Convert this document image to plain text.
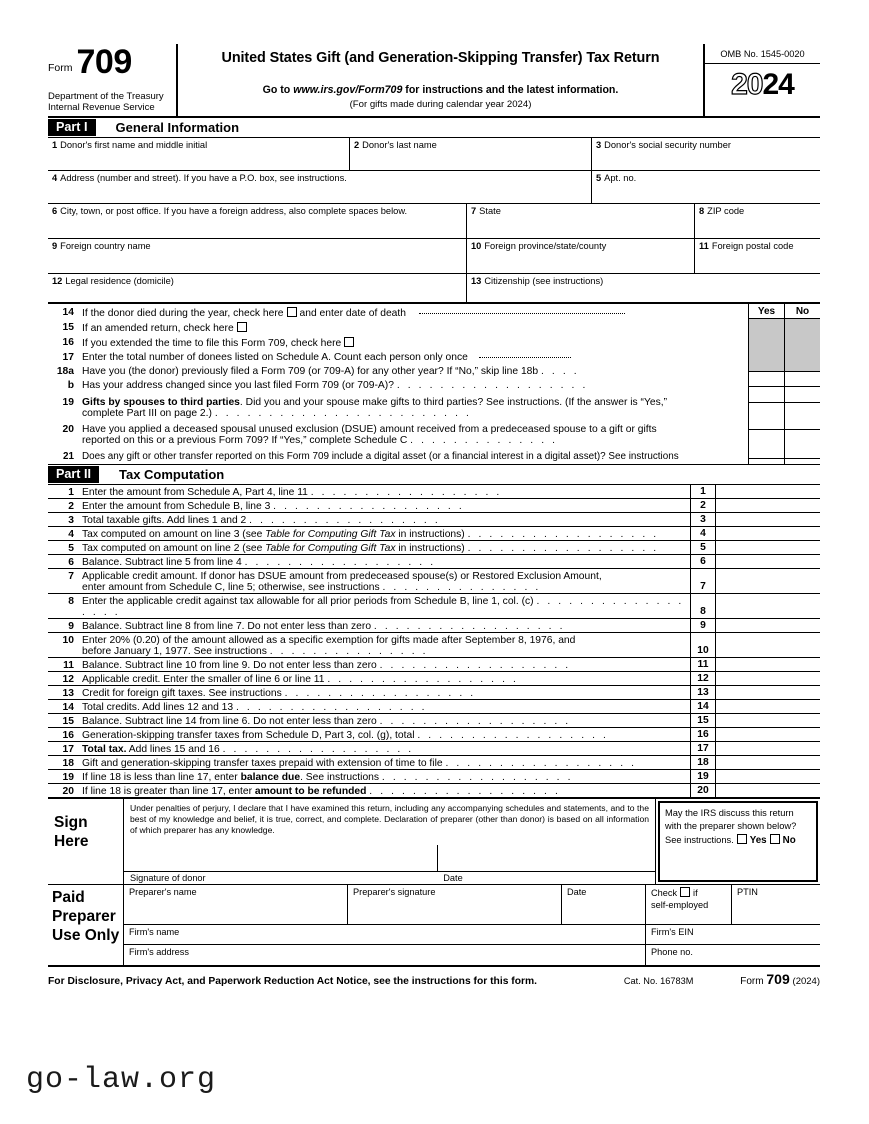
Form 709
Department of the Treasury
Internal Revenue Service
United States Gift (and Generation-Skipping Transfer) Tax Return
Go to www.irs.gov/Form709 for instructions and the latest information.
(For gifts made during calendar year 2024)
OMB No. 1545-0020
2024
Part I	General Information
1 Donor's first name and middle initial	2 Donor's last name	3 Donor's social security number
4 Address (number and street). If you have a P.O. box, see instructions.	5 Apt. no.
6 City, town, or post office. If you have a foreign address, also complete spaces below.	7 State	8 ZIP code
9 Foreign country name	10 Foreign province/state/county	11 Foreign postal code
12 Legal residence (domicile)	13 Citizenship (see instructions)
14 If the donor died during the year, check here and enter date of death
15 If an amended return, check here
16 If you extended the time to file this Form 709, check here
17 Enter the total number of donees listed on Schedule A. Count each person only once
18a Have you (the donor) previously filed a Form 709 (or 709-A) for any other year? If “No,” skip line 18b . . . .
b Has your address changed since you last filed Form 709 (or 709-A)? . . . . . . . . . . . . . . . . . .
19 Gifts by spouses to third parties. Did you and your spouse make gifts to third parties? See instructions. (If the answer is “Yes,”
complete Part III on page 2.) . . . . . . . . . . . . . . . . . . . . . . . .
20 Have you applied a deceased spousal unused exclusion (DSUE) amount received from a predeceased spouse to a gift or gifts
reported on this or a previous Form 709? If “Yes,” complete Schedule C . . . . . . . . . . . . . .
21 Does any gift or other transfer reported on this Form 709 include a digital asset (or a financial interest in a digital asset)? See instructions
Yes	No
Part II	Tax Computation
1 Enter the amount from Schedule A, Part 4, line 11 . . . . . . . . . . . . . . . . . .	1
2 Enter the amount from Schedule B, line 3 . . . . . . . . . . . . . . . . . .	2
3 Total taxable gifts. Add lines 1 and 2 . . . . . . . . . . . . . . . . . .	3
4 Tax computed on amount on line 3 (see Table for Computing Gift Tax in instructions) . . . . . . . . . . . . . . . . . .	4
5 Tax computed on amount on line 2 (see Table for Computing Gift Tax in instructions) . . . . . . . . . . . . . . . . . .	5
6 Balance. Subtract line 5 from line 4 . . . . . . . . . . . . . . . . . .	6
7 Applicable credit amount. If donor has DSUE amount from predeceased spouse(s) or Restored Exclusion Amount,
enter amount from Schedule C, line 5; otherwise, see instructions . . . . . . . . . . . . . . .	7
8 Enter the applicable credit against tax allowable for all prior periods from Schedule B, line 1, col. (c) . . . . . . . . . . . . . . . . . .	8
9 Balance. Subtract line 8 from line 7. Do not enter less than zero . . . . . . . . . . . . . . . . . .	9
10 Enter 20% (0.20) of the amount allowed as a specific exemption for gifts made after September 8, 1976, and
before January 1, 1977. See instructions . . . . . . . . . . . . . . .	10
11 Balance. Subtract line 10 from line 9. Do not enter less than zero . . . . . . . . . . . . . . . . . .	11
12 Applicable credit. Enter the smaller of line 6 or line 11 . . . . . . . . . . . . . . . . . .	12
13 Credit for foreign gift taxes. See instructions . . . . . . . . . . . . . . . . . .	13
14 Total credits. Add lines 12 and 13 . . . . . . . . . . . . . . . . . .	14
15 Balance. Subtract line 14 from line 6. Do not enter less than zero . . . . . . . . . . . . . . . . . .	15
16 Generation-skipping transfer taxes from Schedule D, Part 3, col. (g), total . . . . . . . . . . . . . . . . . .	16
17 Total tax. Add lines 15 and 16 . . . . . . . . . . . . . . . . . .	17
18 Gift and generation-skipping transfer taxes prepaid with extension of time to file . . . . . . . . . . . . . . . . . .	18
19 If line 18 is less than line 17, enter balance due. See instructions . . . . . . . . . . . . . . . . . .	19
20 If line 18 is greater than line 17, enter amount to be refunded . . . . . . . . . . . . . . . . . .	20
Sign
Here
Under penalties of perjury, I declare that I have examined this return, including any accompanying schedules and statements, and to the best of my knowledge and belief, it is true, correct, and complete. Declaration of preparer (other than donor) is based on all information of which preparer has any knowledge.
Signature of donor	Date
May the IRS discuss this return
with the preparer shown below?
See instructions. Yes No
Paid
Preparer
Use Only
Preparer's name	Preparer's signature	Date	Check if
self-employed
PTIN
Firm's name	Firm's EIN
Firm's address	Phone no.
For Disclosure, Privacy Act, and Paperwork Reduction Act Notice, see the instructions for this form.	Cat. No. 16783M	Form 709 (2024)
go-law.org
